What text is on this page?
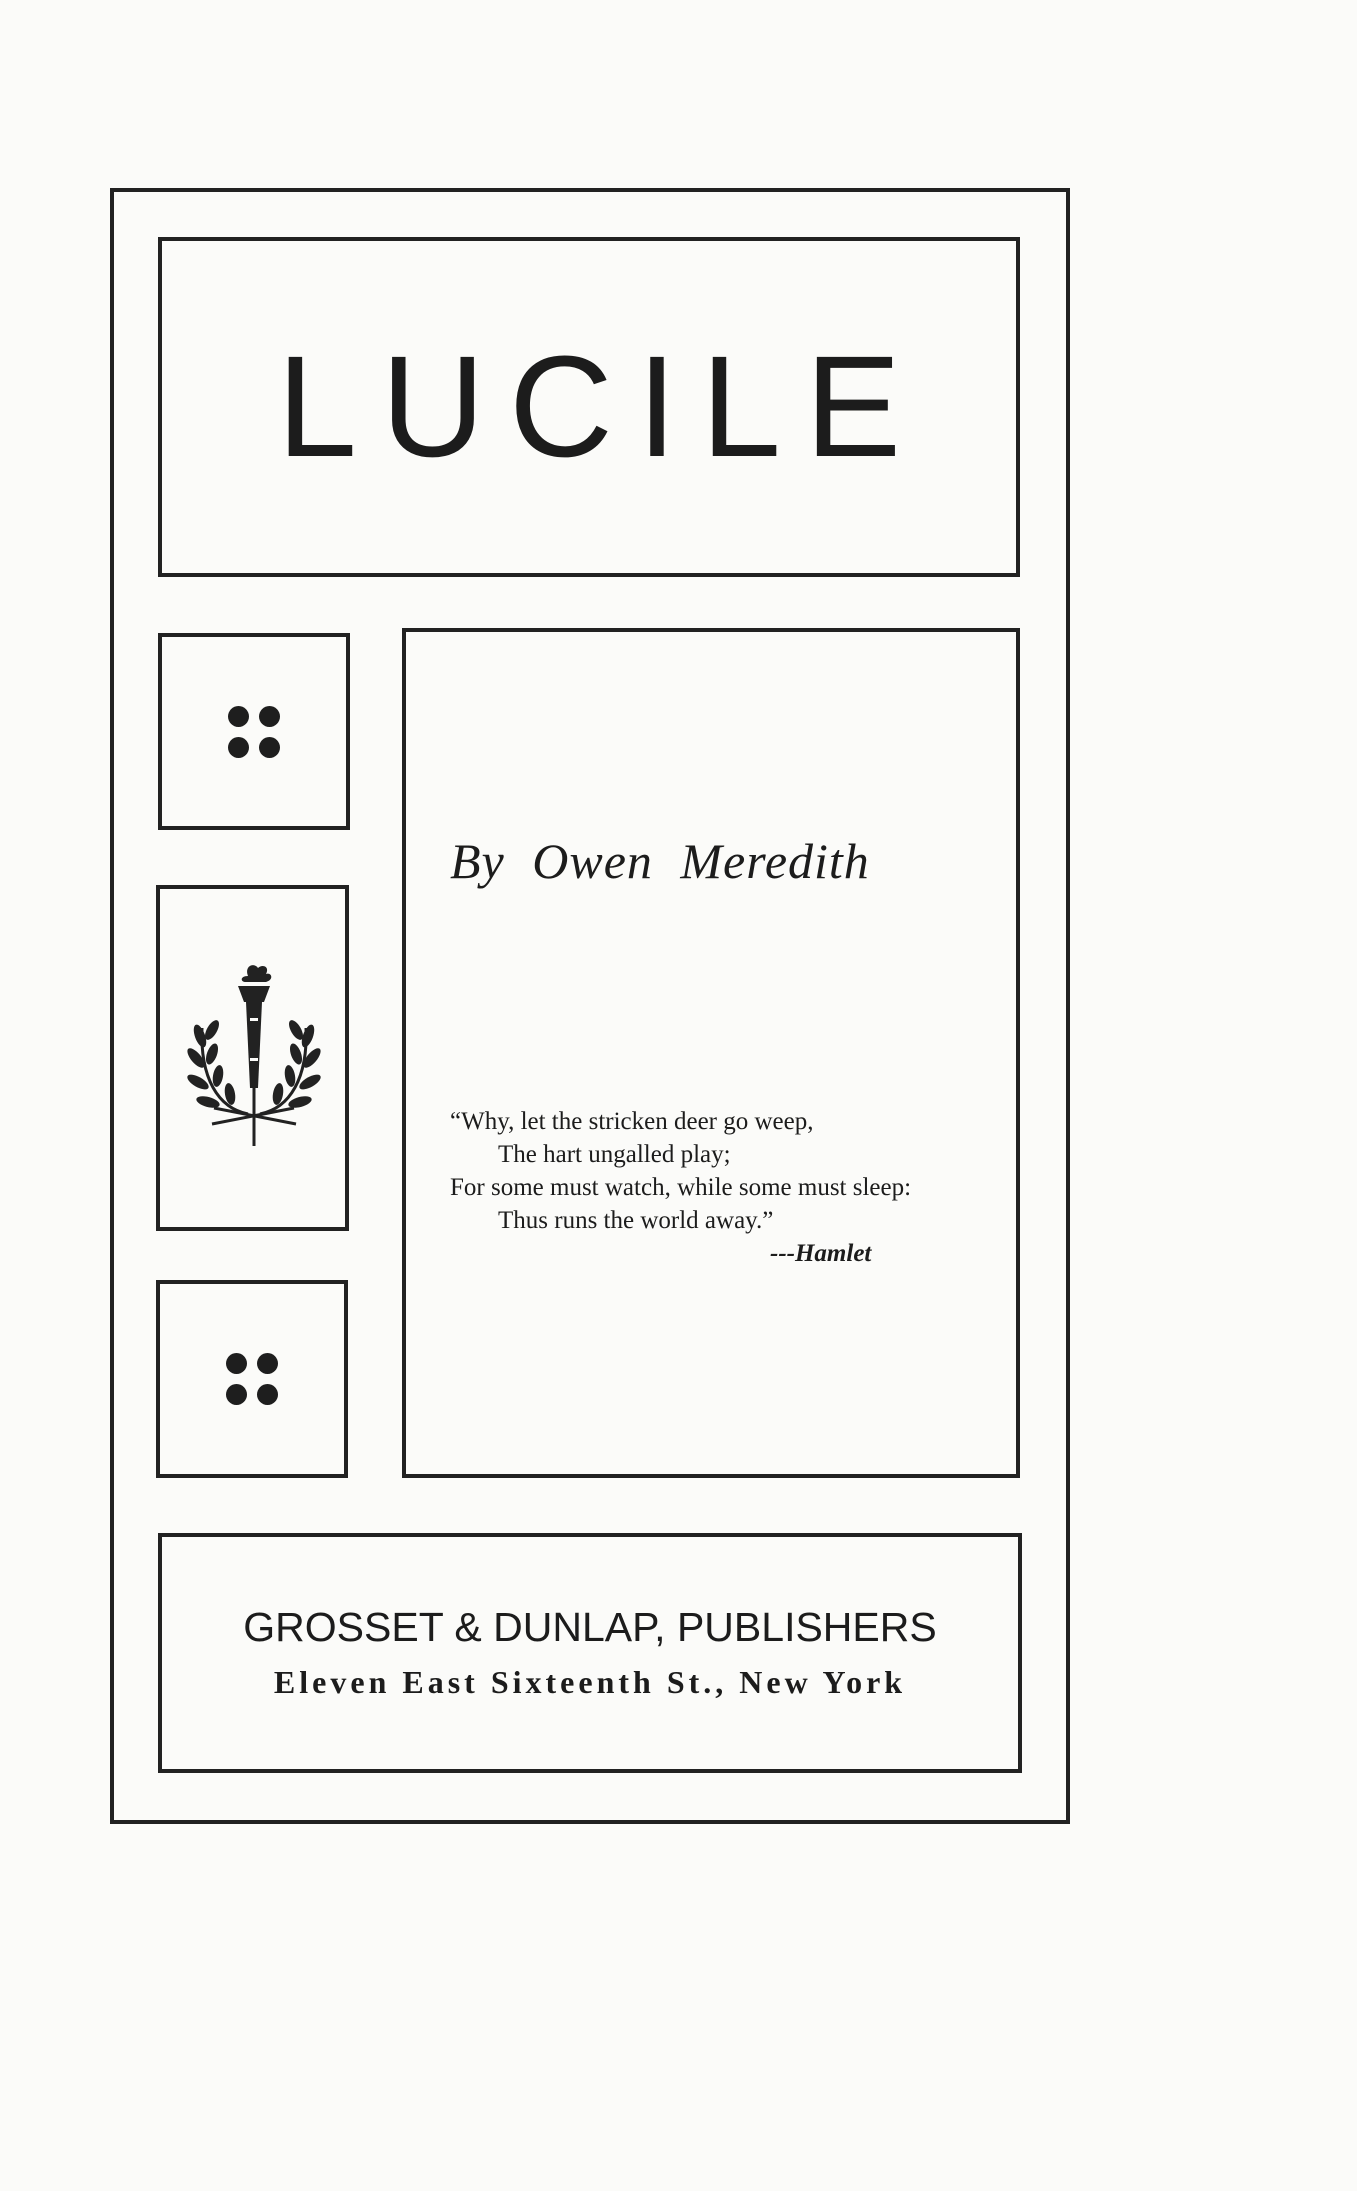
LUCILE
By Owen Meredith
“Why, let the stricken deer go weep,
The hart ungalled play;
For some must watch, while some must sleep:
Thus runs the world away.”
---Hamlet
GROSSET & DUNLAP, PUBLISHERS
Eleven East Sixteenth St., New York
